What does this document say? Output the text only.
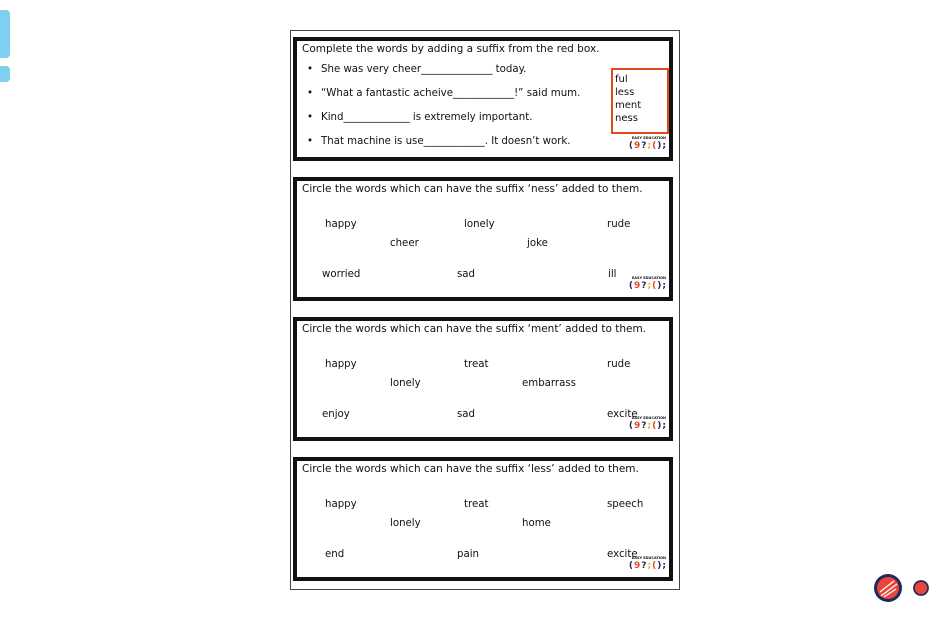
Complete the words by adding a suffix from the red box.
• She was very cheer______________ today.
• “What a fantastic acheive____________!” said mum.
• Kind_____________ is extremely important.
• That machine is use____________. It doesn’t work.
ful
less
ment
ness
EASY EDUCATION
( 9 ? ; ( ) ;
Circle the words which can have the suffix ‘ness’ added to them.
happy	lonely	rude
cheer	joke
worried	sad	ill	EASY EDUCATION
( 9 ? ; ( ) ;
Circle the words which can have the suffix ‘ment’ added to them.
happy	treat	rude
lonely	embarrass
enjoy	sad	excite
EASY EDUCATION
( 9 ? ; ( ) ;
Circle the words which can have the suffix ‘less’ added to them.
happy	treat	speech
lonely	home
end	pain	excite
EASY EDUCATION
( 9 ? ; ( ) ;
